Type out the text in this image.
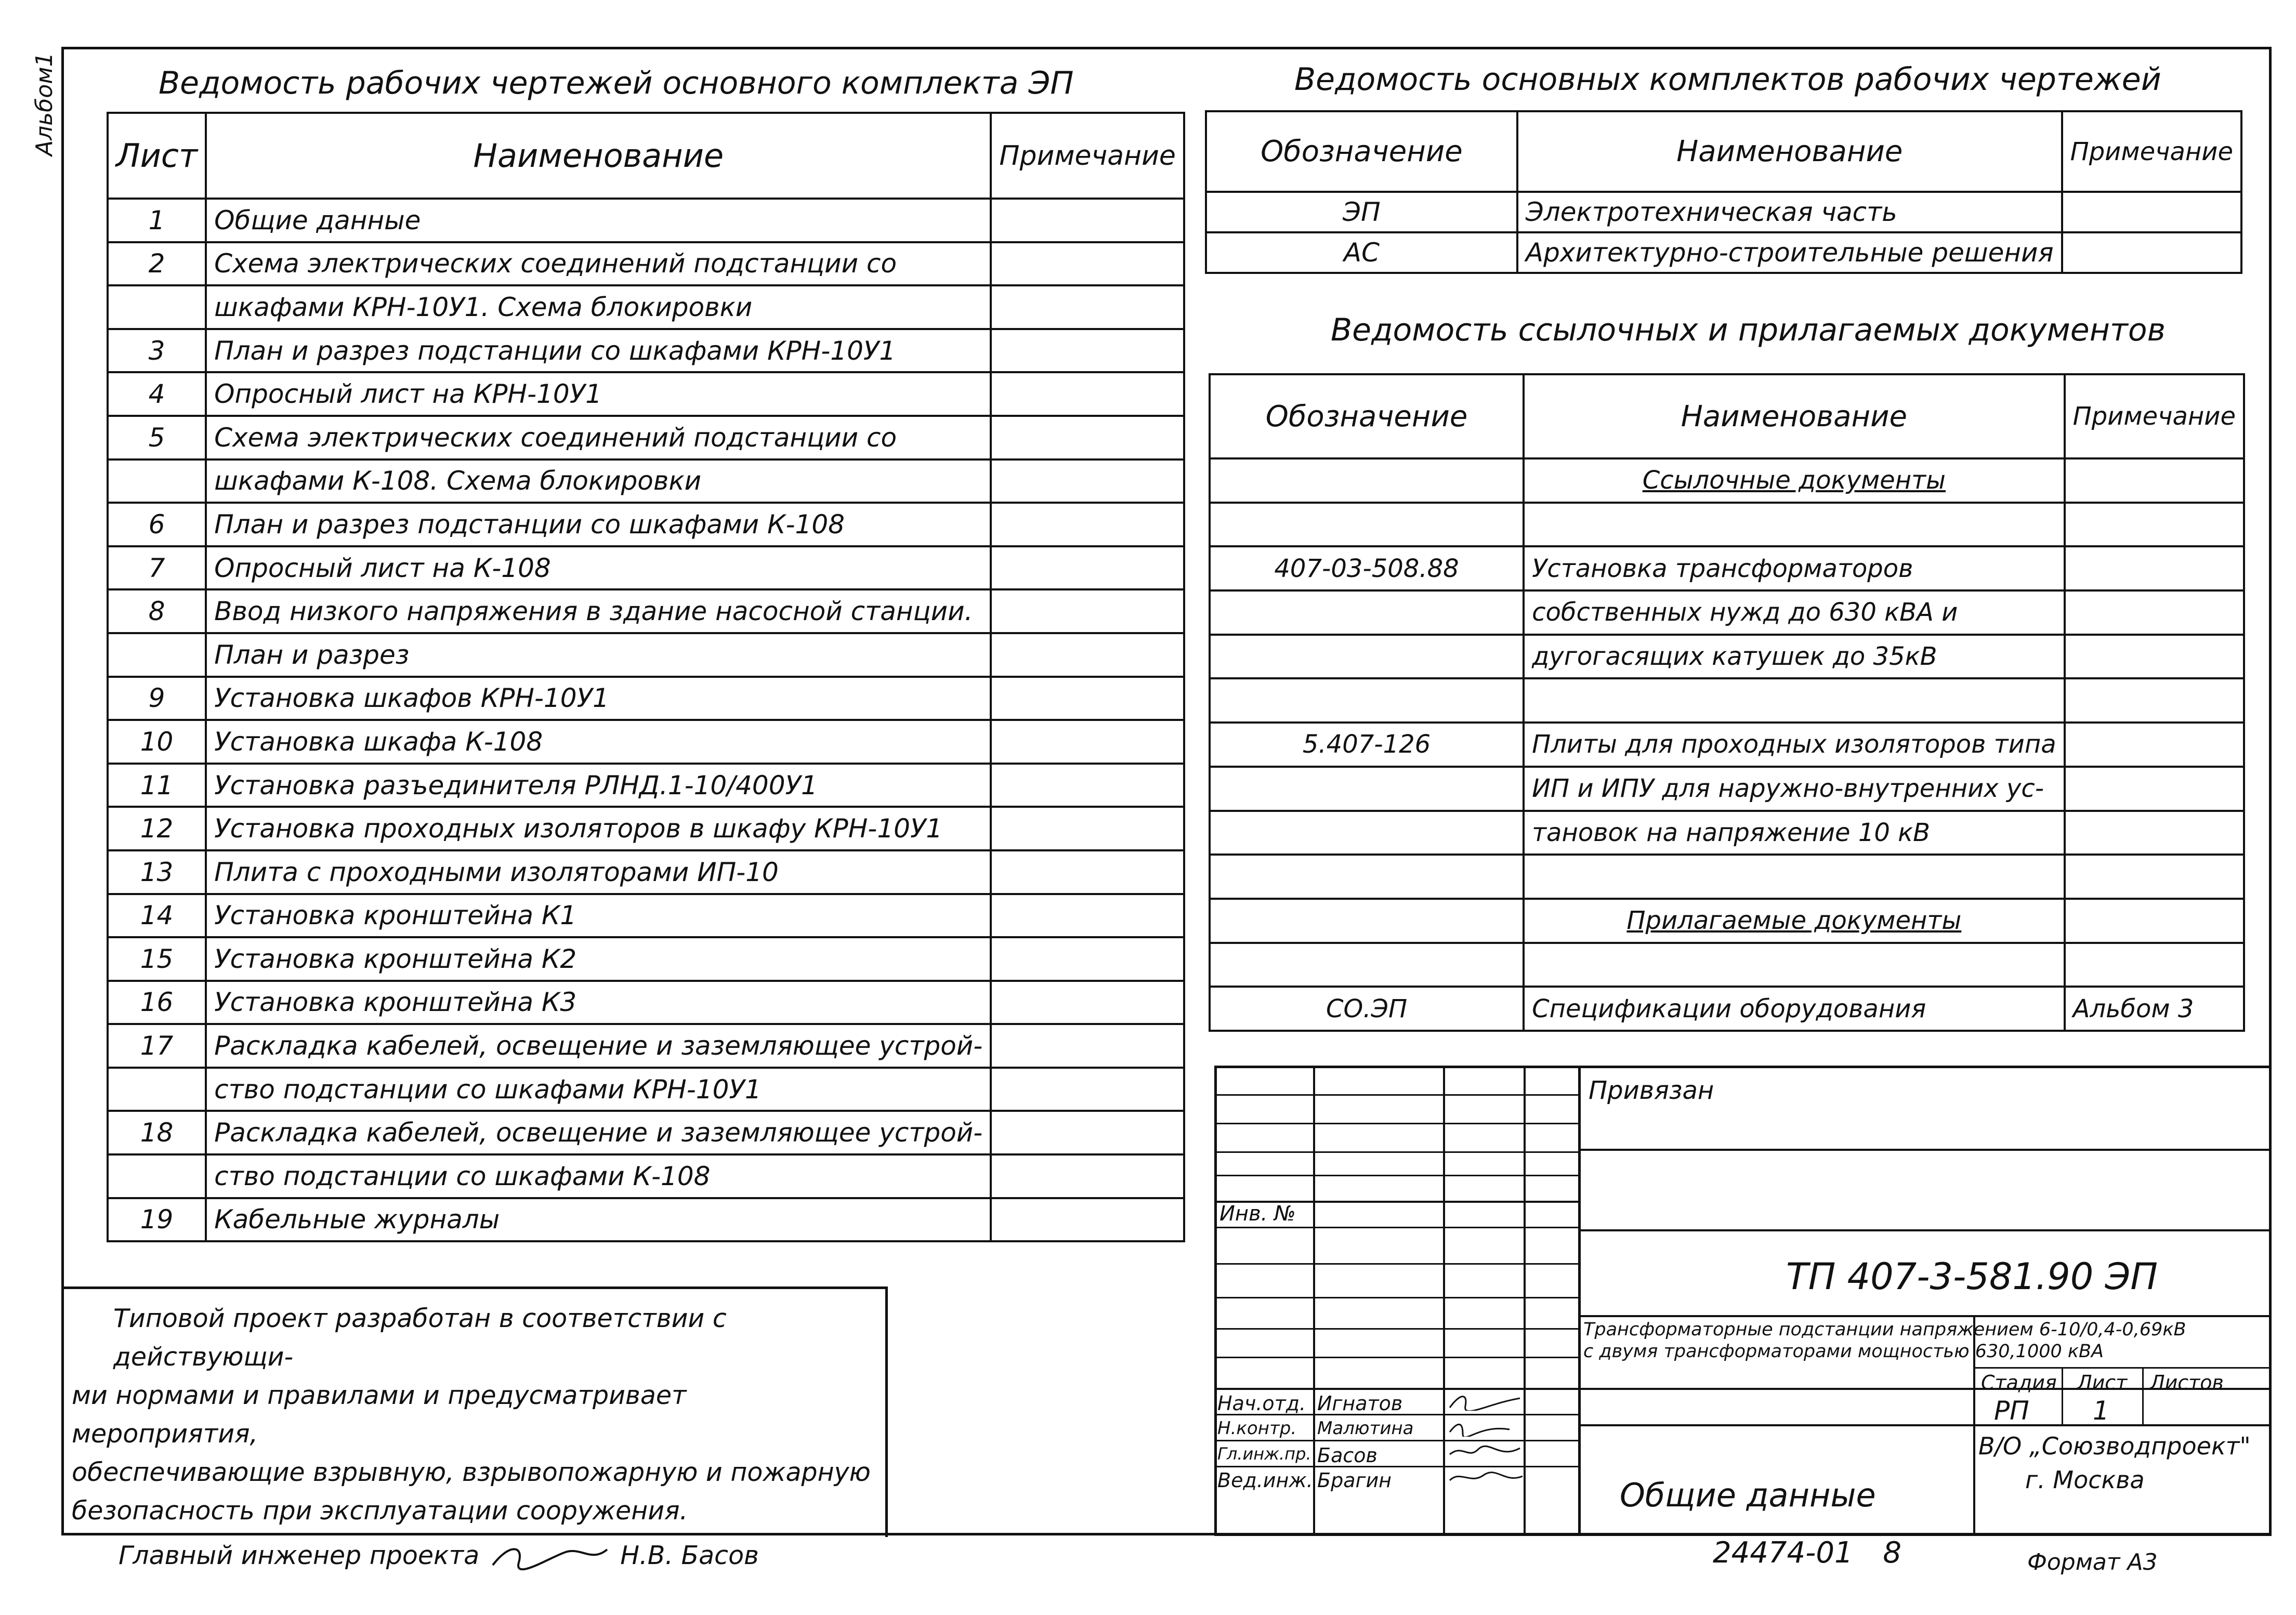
Альбом1	Ведомость рабочих чертежей основного комплекта ЭП
Лист	Наименование	Примечание
1	Общие данные	
2	Схема электрических соединений подстанции со	
	шкафами КРН-10У1. Схема блокировки	
3	План и разрез подстанции со шкафами КРН-10У1	
4	Опросный лист на КРН-10У1	
5	Схема электрических соединений подстанции со	
	шкафами К-108. Схема блокировки	
6	План и разрез подстанции со шкафами К-108	
7	Опросный лист на К-108	
8	Ввод низкого напряжения в здание насосной станции.	
	План и разрез	
9	Установка шкафов КРН-10У1	
10	Установка шкафа К-108	
11	Установка разъединителя РЛНД.1-10/400У1	
12	Установка проходных изоляторов в шкафу КРН-10У1	
13	Плита с проходными изоляторами ИП-10	
14	Установка кронштейна К1	
15	Установка кронштейна К2	
16	Установка кронштейна К3	
17	Раскладка кабелей, освещение и заземляющее устрой-	
	ство подстанции со шкафами КРН-10У1	
18	Раскладка кабелей, освещение и заземляющее устрой-	
	ство подстанции со шкафами К-108	
19	Кабельные журналы	
Ведомость основных комплектов рабочих чертежей
Обозначение	Наименование	Примечание
ЭП	Электротехническая часть	
АС	Архитектурно-строительные решения	
Ведомость ссылочных и прилагаемых документов
Обозначение	Наименование	Примечание
	Ссылочные документы	

407-03-508.88	Установка трансформаторов	
	собственных нужд до 630 кВА и	
	дугогасящих катушек до 35кВ	

5.407-126	Плиты для проходных изоляторов типа	
	ИП и ИПУ для наружно-внутренних ус-	
	тановок на напряжение 10 кВ	

	Прилагаемые документы	

СО.ЭП	Спецификации оборудования	Альбом 3
Типовой проект разработан в соответствии с действующи-
ми нормами и правилами и предусматривает мероприятия,
обеспечивающие взрывную, взрывопожарную и пожарную
безопасность при эксплуатации сооружения.
Главный инженер проекта	Н.В. Басов
Привязан
Инв. №
ТП 407-3-581.90 ЭП
Трансформаторные подстанции напряжением 6-10/0,4-0,69кВ
с двумя трансформаторами мощностью 630,1000 кВА
Стадия Лист Листов
РП 1
В/О „Союзводпроект"
г. Москва
Общие данные
Нач.отд. Игнатов
Н.контр. Малютина
Гл.инж.пр. Басов
Вед.инж. Брагин
24474-01 8	Формат А3
